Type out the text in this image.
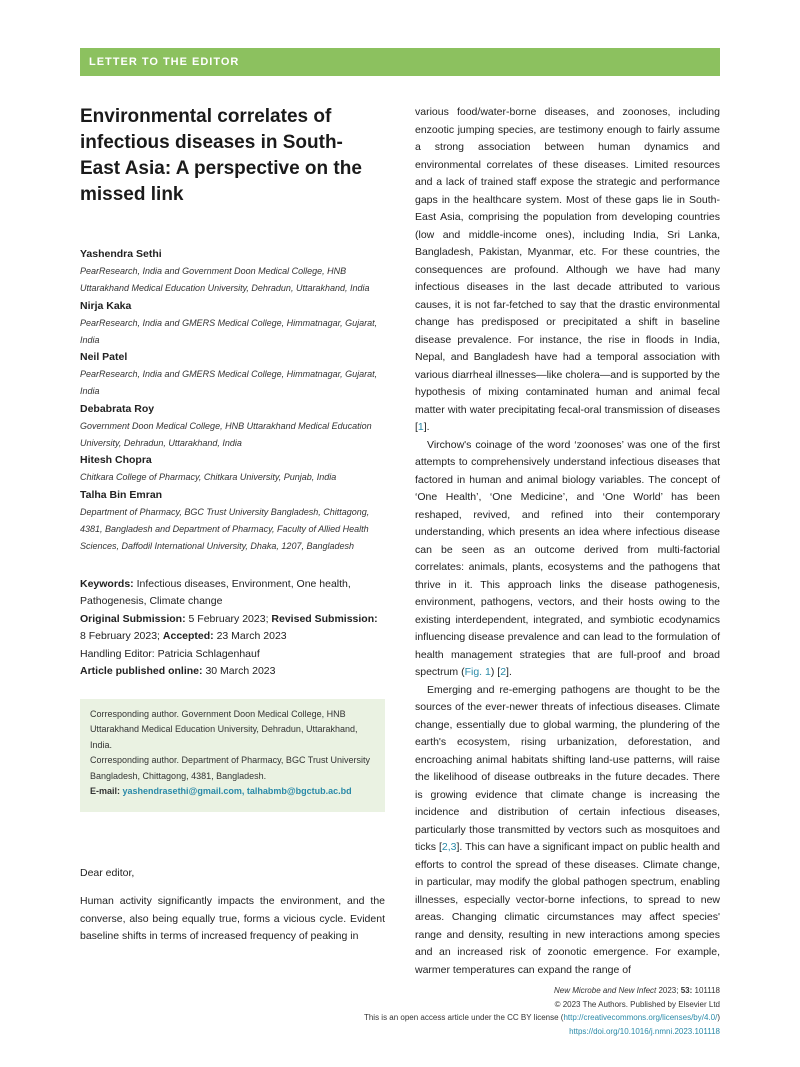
LETTER TO THE EDITOR
Environmental correlates of infectious diseases in South-East Asia: A perspective on the missed link
Yashendra Sethi
PearResearch, India and Government Doon Medical College, HNB Uttarakhand Medical Education University, Dehradun, Uttarakhand, India
Nirja Kaka
PearResearch, India and GMERS Medical College, Himmatnagar, Gujarat, India
Neil Patel
PearResearch, India and GMERS Medical College, Himmatnagar, Gujarat, India
Debabrata Roy
Government Doon Medical College, HNB Uttarakhand Medical Education University, Dehradun, Uttarakhand, India
Hitesh Chopra
Chitkara College of Pharmacy, Chitkara University, Punjab, India
Talha Bin Emran
Department of Pharmacy, BGC Trust University Bangladesh, Chittagong, 4381, Bangladesh and Department of Pharmacy, Faculty of Allied Health Sciences, Daffodil International University, Dhaka, 1207, Bangladesh
Keywords: Infectious diseases, Environment, One health, Pathogenesis, Climate change
Original Submission: 5 February 2023; Revised Submission: 8 February 2023; Accepted: 23 March 2023
Handling Editor: Patricia Schlagenhauf
Article published online: 30 March 2023
Corresponding author. Government Doon Medical College, HNB Uttarakhand Medical Education University, Dehradun, Uttarakhand, India.
Corresponding author. Department of Pharmacy, BGC Trust University Bangladesh, Chittagong, 4381, Bangladesh.
E-mail: yashendrasethi@gmail.com, talhabmb@bgctub.ac.bd
Dear editor,

Human activity significantly impacts the environment, and the converse, also being equally true, forms a vicious cycle. Evident baseline shifts in terms of increased frequency of peaking in

various food/water-borne diseases, and zoonoses, including enzootic jumping species, are testimony enough to fairly assume a strong association between human dynamics and environmental correlates of these diseases. Limited resources and a lack of trained staff expose the strategic and performance gaps in the healthcare system. Most of these gaps lie in South-East Asia, comprising the population from developing countries (low and middle-income ones), including India, Sri Lanka, Bangladesh, Pakistan, Myanmar, etc. For these countries, the consequences are profound. Although we have had many infectious diseases in the last decade attributed to various causes, it is not far-fetched to say that the drastic environmental change has predisposed or precipitated a shift in baseline disease prevalence. For instance, the rise in floods in India, Nepal, and Bangladesh have had a temporal association with various diarrheal illnesses—like cholera—and is supported by the hypothesis of mixing contaminated human and animal fecal matter with water precipitating fecal-oral transmission of diseases [1].

Virchow's coinage of the word ‘zoonoses’ was one of the first attempts to comprehensively understand infectious diseases that factored in human and animal biology variables. The concept of ‘One Health’, ‘One Medicine’, and ‘One World’ has been reshaped, revived, and refined into their contemporary understanding, which presents an idea where infectious disease can be seen as an outcome derived from multi-factorial correlates: animals, plants, ecosystems and the pathogens that thrive in it. This approach links the disease pathogenesis, environment, pathogens, vectors, and their hosts owing to the existing interdependent, integrated, and symbiotic ecodynamics influencing disease prevalence and can lead to the formulation of health management strategies that are full-proof and broad spectrum (Fig. 1) [2].

Emerging and re-emerging pathogens are thought to be the sources of the ever-newer threats of infectious diseases. Climate change, essentially due to global warming, the plundering of the earth's ecosystem, rising urbanization, deforestation, and encroaching animal habitats shifting land-use patterns, will raise the likelihood of disease outbreaks in the future decades. There is growing evidence that climate change is increasing the incidence and distribution of certain infectious diseases, particularly those transmitted by vectors such as mosquitoes and ticks [2,3]. This can have a significant impact on public health and efforts to control the spread of these diseases. Climate change, in particular, may modify the global pathogen spectrum, enabling illnesses, especially vector-borne infections, to spread to new areas. Changing climatic circumstances may affect species' range and density, resulting in new interactions among species and an increased risk of zoonotic emergence. For example, warmer temperatures can expand the range of

New Microbe and New Infect 2023; 53: 101118
© 2023 The Authors. Published by Elsevier Ltd
This is an open access article under the CC BY license (http://creativecommons.org/licenses/by/4.0/)
https://doi.org/10.1016/j.nmni.2023.101118
